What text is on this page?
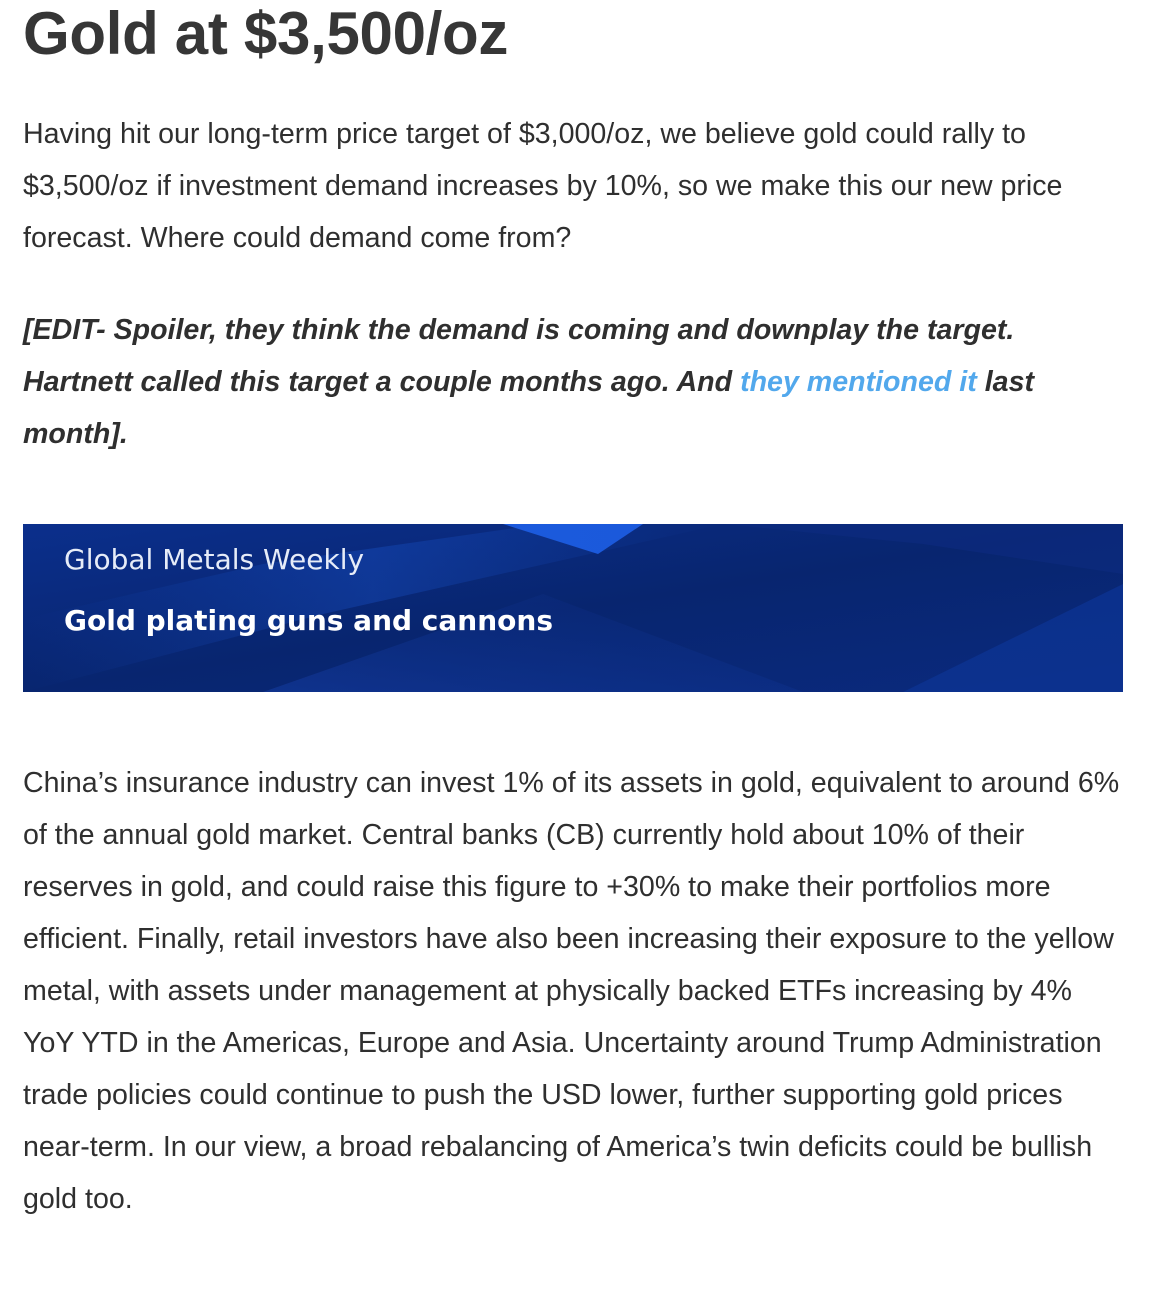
Gold at $3,500/oz

Having hit our long-term price target of $3,000/oz, we believe gold could rally to $3,500/oz if investment demand increases by 10%, so we make this our new price forecast. Where could demand come from?

[EDIT- Spoiler, they think the demand is coming and downplay the target. Hartnett called this target a couple months ago. And they mentioned it last month].

Global Metals Weekly
Gold plating guns and cannons

China’s insurance industry can invest 1% of its assets in gold, equivalent to around 6% of the annual gold market. Central banks (CB) currently hold about 10% of their reserves in gold, and could raise this figure to +30% to make their portfolios more efficient. Finally, retail investors have also been increasing their exposure to the yellow metal, with assets under management at physically backed ETFs increasing by 4% YoY YTD in the Americas, Europe and Asia. Uncertainty around Trump Administration trade policies could continue to push the USD lower, further supporting gold prices near-term. In our view, a broad rebalancing of America’s twin deficits could be bullish gold too.
